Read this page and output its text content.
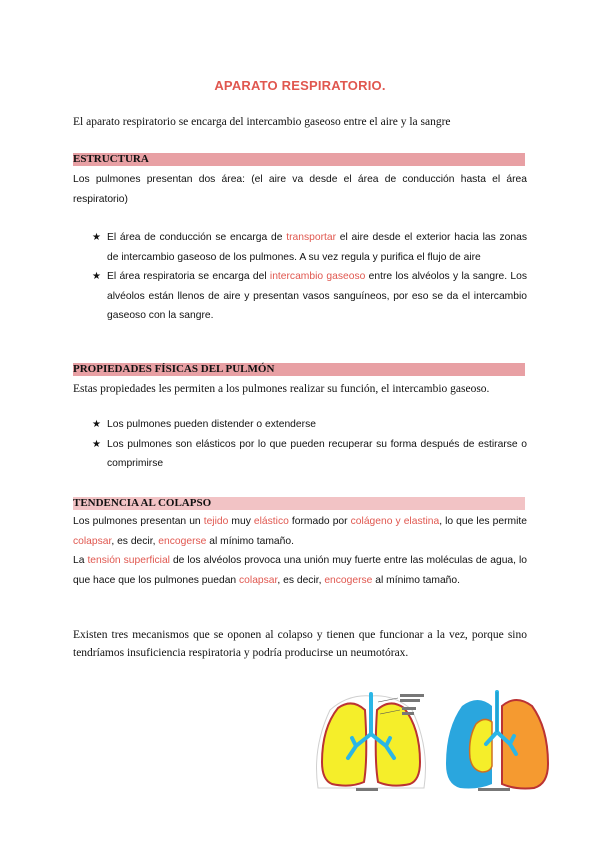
APARATO RESPIRATORIO.
El aparato respiratorio se encarga del intercambio gaseoso entre el aire y la sangre
ESTRUCTURA
Los pulmones presentan dos área: (el aire va desde el área de conducción hasta el área respiratorio)
★ El área de conducción se encarga de transportar el aire desde el exterior hacia las zonas de intercambio gaseoso de los pulmones. A su vez regula y purifica el flujo de aire
★ El área respiratoria se encarga del intercambio gaseoso entre los alvéolos y la sangre. Los alvéolos están llenos de aire y presentan vasos sanguíneos, por eso se da el intercambio gaseoso con la sangre.
PROPIEDADES FÍSICAS DEL PULMÓN
Estas propiedades les permiten a los pulmones realizar su función, el intercambio gaseoso.
★ Los pulmones pueden distender o extenderse
★ Los pulmones son elásticos por lo que pueden recuperar su forma después de estirarse o comprimirse
TENDENCIA AL COLAPSO
Los pulmones presentan un tejido muy elástico formado por colágeno y elastina, lo que les permite colapsar, es decir, encogerse al mínimo tamaño.
La tensión superficial de los alvéolos provoca una unión muy fuerte entre las moléculas de agua, lo que hace que los pulmones puedan colapsar, es decir, encogerse al mínimo tamaño.
Existen tres mecanismos que se oponen al colapso y tienen que funcionar a la vez, porque sino tendríamos insuficiencia respiratoria y podría producirse un neumotórax.
